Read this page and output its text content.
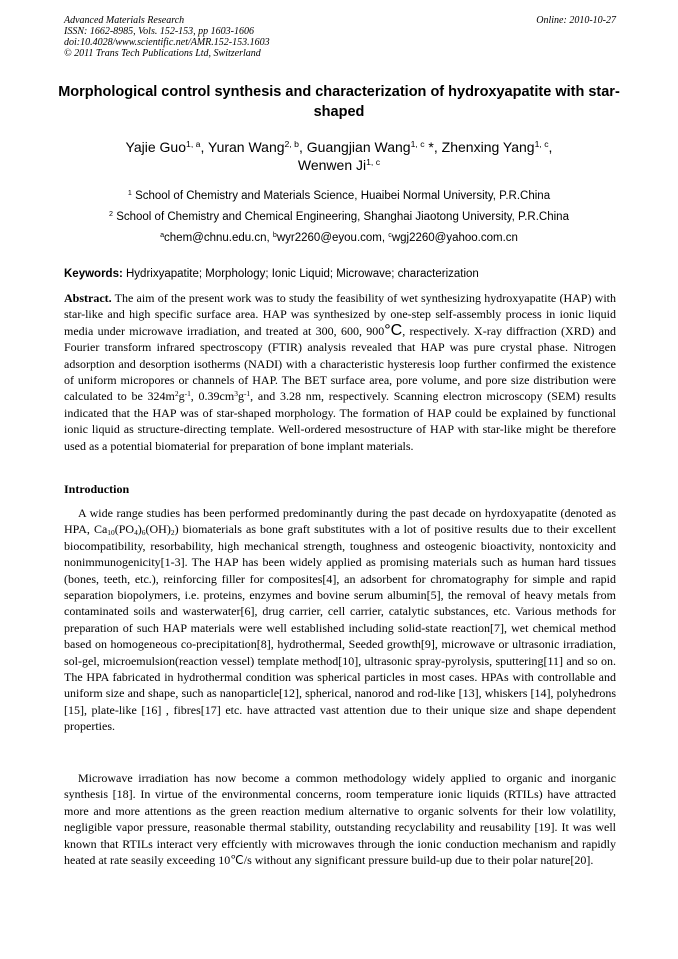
Advanced Materials Research
ISSN: 1662-8985, Vols. 152-153, pp 1603-1606
doi:10.4028/www.scientific.net/AMR.152-153.1603
© 2011 Trans Tech Publications Ltd, Switzerland
Online: 2010-10-27
Morphological control synthesis and characterization of hydroxyapatite with star-shaped
Yajie Guo$^{1, a}$, Yuran Wang$^{2, b}$, Guangjian Wang$^{1, c}$ *, Zhenxing Yang$^{1, c}$,
Wenwen Ji$^{1, c}$
$^1$ School of Chemistry and Materials Science, Huaibei Normal University, P.R.China
$^2$ School of Chemistry and Chemical Engineering, Shanghai Jiaotong University, P.R.China
$^a$chem@chnu.edu.cn, $^b$wyr2260@eyou.com, $^c$wgj2260@yahoo.com.cn
Keywords: Hydrixyapatite; Morphology; Ionic Liquid; Microwave; characterization
Abstract. The aim of the present work was to study the feasibility of wet synthesizing hydroxyapatite (HAP) with star-like and high specific surface area. HAP was synthesized by one-step self-assembly process in ionic liquid media under microwave irradiation, and treated at 300, 600, 900°C, respectively. X-ray diffraction (XRD) and Fourier transform infrared spectroscopy (FTIR) analysis revealed that HAP was pure crystal phase. Nitrogen adsorption and desorption isotherms (NADI) with a characteristic hysteresis loop further confirmed the existence of uniform micropores or channels of HAP. The BET surface area, pore volume, and pore size distribution were calculated to be $324m^2g^{-1}$, $0.39cm^3g^{-1}$, and 3.28 nm, respectively. Scanning electron microscopy (SEM) results indicated that the HAP was of star-shaped morphology. The formation of HAP could be explained by functional ionic liquid as structure-directing template. Well-ordered mesostructure of HAP with star-like might be therefore used as a potential biomaterial for preparation of bone implant materials.
Introduction
A wide range studies has been performed predominantly during the past decade on hyrdoxyapatite (denoted as HPA, $Ca_{10}(PO_4)_6(OH)_2$) biomaterials as bone graft substitutes with a lot of positive results due to their excellent biocompatibility, resorbability, high mechanical strength, toughness and osteogenic bioactivity, nontoxicity and nonimmunogenicity[1-3]. The HAP has been widely applied as promising materials such as human hard tissues (bones, teeth, etc.), reinforcing filler for composites[4], an adsorbent for chromatography for simple and rapid separation biopolymers, i.e. proteins, enzymes and bovine serum albumin[5], the removal of heavy metals from contaminated soils and wasterwater[6], drug carrier, cell carrier, catalytic substances, etc. Various methods for preparation of such HAP materials were well established including solid-state reaction[7], wet chemical method based on homogeneous co-precipitation[8], hydrothermal, Seeded growth[9], microwave or ultrasonic irradiation, sol-gel, microemulsion(reaction vessel) template method[10], ultrasonic spray-pyrolysis, sputtering[11] and so on. The HPA fabricated in hydrothermal condition was spherical particles in most cases. HPAs with controllable and uniform size and shape, such as nanoparticle[12], spherical, nanorod and rod-like [13], whiskers [14], polyhedrons [15], plate-like [16] , fibres[17] etc. have attracted vast attention due to their unique size and shape dependent properties.
Microwave irradiation has now become a common methodology widely applied to organic and inorganic synthesis [18]. In virtue of the environmental concerns, room temperature ionic liquids (RTILs) have attracted more and more attentions as the green reaction medium alternative to organic solvents for their low volatility, negligible vapor pressure, reasonable thermal stability, outstanding recyclability and reusability [19]. It was well known that RTILs interact very effciently with microwaves through the ionic conduction mechanism and rapidly heated at rate seasily exceeding 10℃/s without any significant pressure build-up due to their polar nature[20].
